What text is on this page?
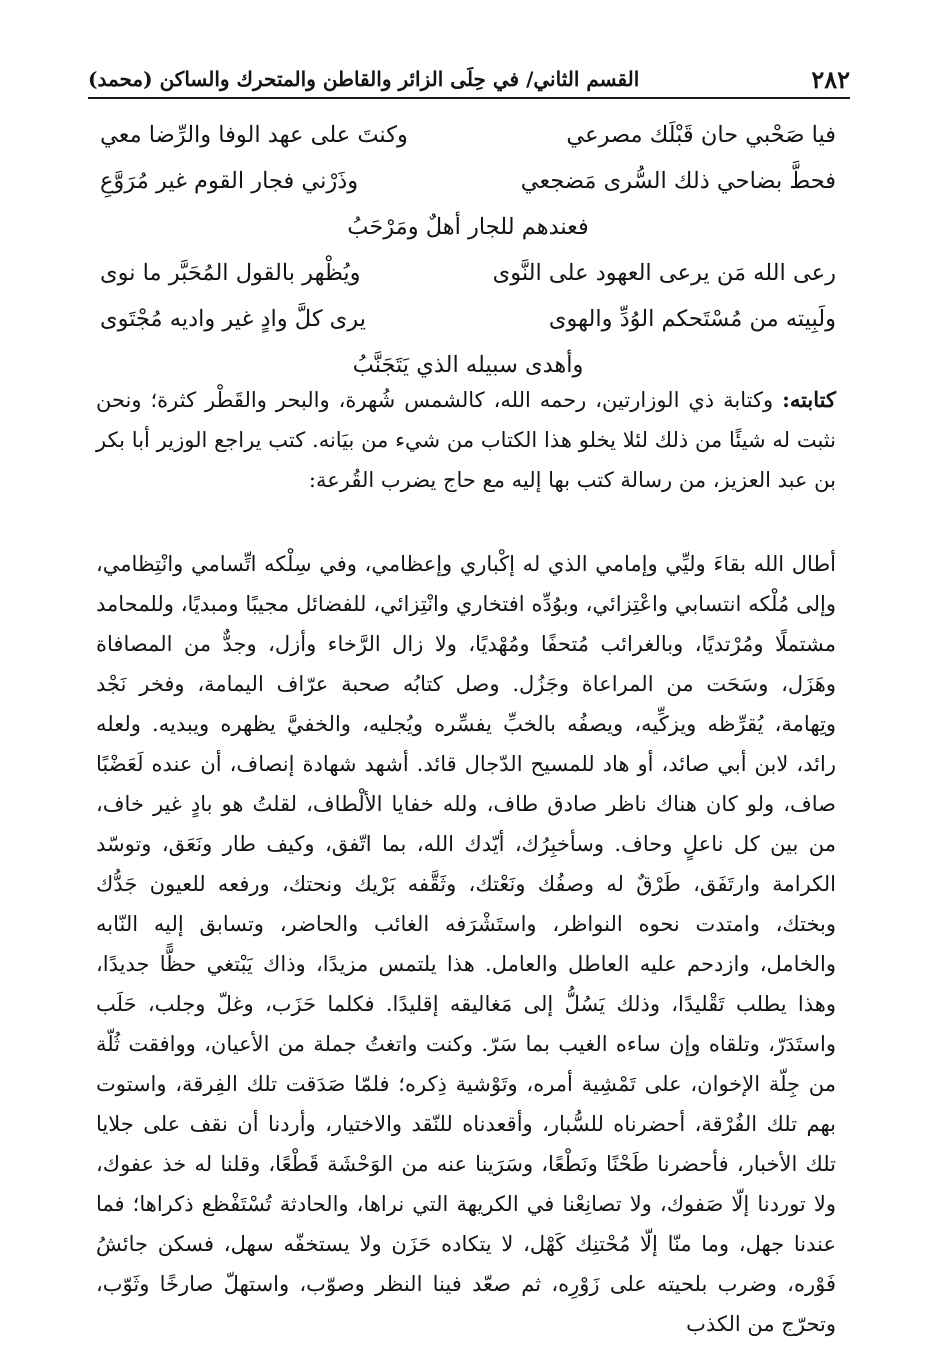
٢٨٢
القسم الثاني/ في حِلَى الزائر والقاطن والمتحرك والساكن (محمد)
فيا صَحْبي حان قَبْلَك مصرعي
وكنتَ على عهد الوفا والرِّضا معي
فحطَّ بضاحي ذلك السُّرى مَضجعي
وذَرْني فجار القوم غير مُرَوَّعِ
فعندهم للجار أهلٌ ومَرْحَبُ
رعى الله مَن يرعى العهود على النَّوى
ويُظْهر بالقول المُحَبَّر ما نوى
ولَبِيته من مُسْتَحكم الوُدِّ والهوى
يرى كلَّ وادٍ غير واديه مُجْتَوى
وأهدى سبيله الذي يَتَجَنَّبُ

كتابته: وكتابة ذي الوزارتين، رحمه الله، كالشمس شُهرة، والبحر والقَطْر كثرة؛ ونحن نثبت له شيئًا من ذلك لئلا يخلو هذا الكتاب من شيء من بيَانه. كتب يراجع الوزير أبا بكر بن عبد العزيز، من رسالة كتب بها إليه مع حاج يضرب القُرعة:

أطال الله بقاءَ وليِّي وإمامي الذي له إكْباري وإعظامي، وفي سِلْكه اتِّسامي وانْتِظامي، وإلى مُلْكه انتسابي واعْتِزائي، وبوُدِّه افتخاري وانْتِزائي، للفضائل مجيبًا ومبديًا، وللمحامد مشتملًا ومُرْتديًا، وبالغرائب مُتحفًا ومُهْديًا، ولا زال الرَّخاء وأزل، وجدٌّ من المصافاة وهَزَل، وسَحَت من المراعاة وجَزُل. وصل كتابُه صحبة عرّاف اليمامة، وفخر نَجْد وتِهامة، يُقرِّظه ويزكِّيه، ويصفُه بالخبِّ يفسِّره ويُجليه، والخفيَّ يظهره ويبديه. ولعله رائد، لابن أبي صائد، أو هاد للمسيح الدّجال قائد. أشهد شهادة إنصاف، أن عنده لَعَضْبًا صاف، ولو كان هناك ناظر صادق طاف، ولله خفايا الألْطاف، لقلتُ هو بادٍ غير خاف، من بين كل ناعلٍ وحاف. وسأخبِرُك، أيّدك الله، بما اتّفق، وكيف طار ونَعَق، وتوسّد الكرامة وارتَفَق، طَرْقٌ له وصفُك ونَعْتك، وثَقَّفه بَرْيك ونحتك، ورفعه للعيون جَدُّك وبختك، وامتدت نحوه النواظر، واستَشْرَفه الغائب والحاضر، وتسابق إليه النّابه والخامل، وازدحم عليه العاطل والعامل. هذا يلتمس مزيدًا، وذاك يَبْتغي حظًّا جديدًا، وهذا يطلب تَقْليدًا، وذلك يَسُلُّ إلى مَغاليقه إقليدًا. فكلما حَزَب، وغلّ وجلب، حَلَب واستَدَرّ، وتلقاه وإن ساءه الغيب بما سَرّ. وكنت واتغتُ جملة من الأعيان، ووافقت ثُلّة من جِلّة الإخوان، على تَمْشِية أمره، وتَوْشية ذِكره؛ فلمّا صَدَقت تلك الفِرقة، واستوت بهم تلك الفُرْقة، أحضرناه للسُّبار، وأقعدناه للنّقد والاختيار، وأردنا أن نقف على جلايا تلك الأخبار، فأحضرنا طَحْنًا ونَطْعًا، وسَرَينا عنه من الوَحْشَة قَطْعًا، وقلنا له خذ عفوك، ولا توردنا إلّا صَفوك، ولا تصانِعْنا في الكريهة التي نراها، والحادثة تُسْتَفْظع ذكراها؛ فما عندنا جهل، وما منّا إلّا مُحْتنِك كَهْل، لا يتكاده حَزَن ولا يستخفّه سهل، فسكن جائشُ فَوْره، وضرب بلحيته على زَوْرِه، ثم صعّد فينا النظر وصوّب، واستهلّ صارخًا وثَوّب، وتحرّج من الكذب
